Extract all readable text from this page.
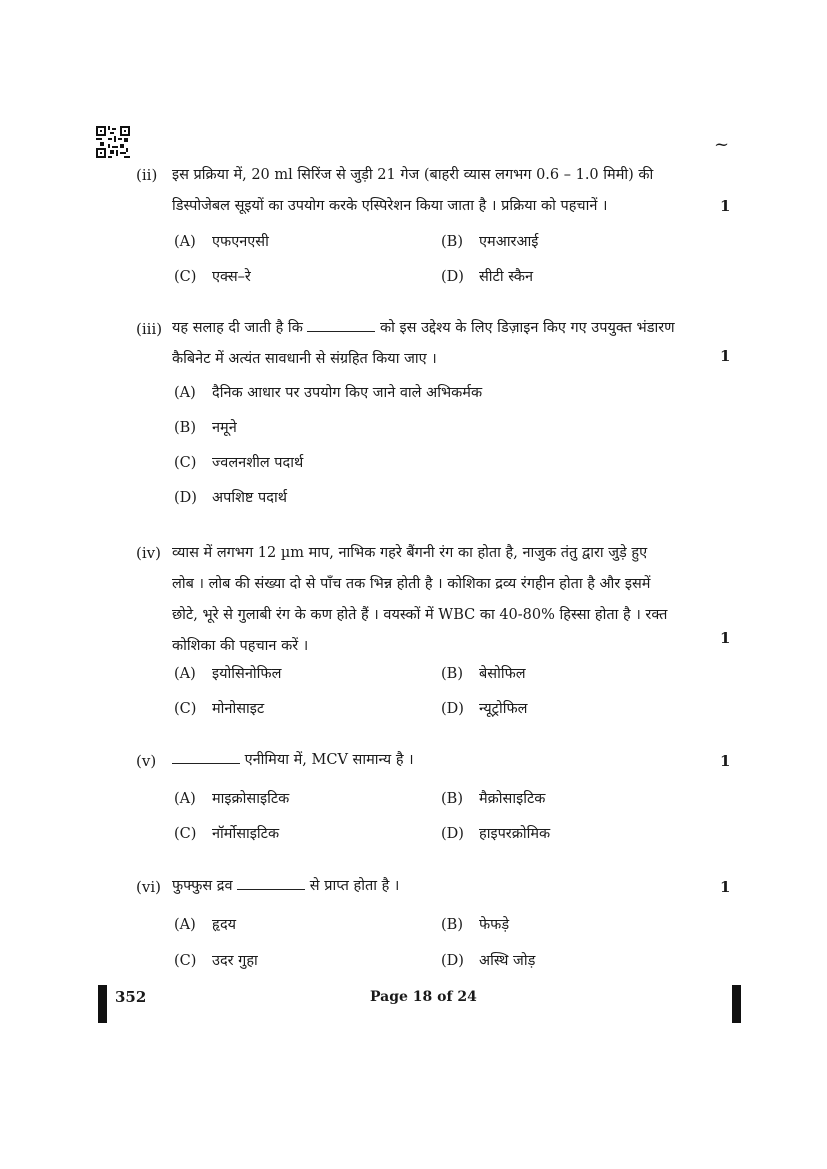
~
(ii) इस प्रक्रिया में, 20 ml सिरिंज से जुड़ी 21 गेज (बाहरी व्यास लगभग 0.6 – 1.0 मिमी) की
डिस्पोजेबल सूइयों का उपयोग करके एस्पिरेशन किया जाता है । प्रक्रिया को पहचानें ।	1
(A) एफएनएसी	(B) एमआरआई
(C) एक्स–रे	(D) सीटी स्कैन
(iii) यह सलाह दी जाती है कि	को इस उद्देश्य के लिए डिज़ाइन किए गए उपयुक्त भंडारण
कैबिनेट में अत्यंत सावधानी से संग्रहित किया जाए ।	1
(A) दैनिक आधार पर उपयोग किए जाने वाले अभिकर्मक
(B) नमूने
(C) ज्वलनशील पदार्थ
(D) अपशिष्ट पदार्थ
(iv) व्यास में लगभग 12 µm माप, नाभिक गहरे बैंगनी रंग का होता है, नाजुक तंतु द्वारा जुड़े हुए
लोब । लोब की संख्या दो से पाँच तक भिन्न होती है । कोशिका द्रव्य रंगहीन होता है और इसमें
छोटे, भूरे से गुलाबी रंग के कण होते हैं । वयस्कों में WBC का 40-80% हिस्सा होता है । रक्त
कोशिका की पहचान करें ।	1
(A) इयोसिनोफिल	(B) बेसोफिल
(C) मोनोसाइट	(D) न्यूट्रोफिल
(v)	एनीमिया में, MCV सामान्य है ।	1
(A) माइक्रोसाइटिक	(B) मैक्रोसाइटिक
(C) नॉर्मोसाइटिक	(D) हाइपरक्रोमिक
(vi) फुफ्फुस द्रव	से प्राप्त होता है ।	1
(A) हृदय	(B) फेफड़े
(C) उदर गुहा	(D) अस्थि जोड़
352	Page 18 of 24
